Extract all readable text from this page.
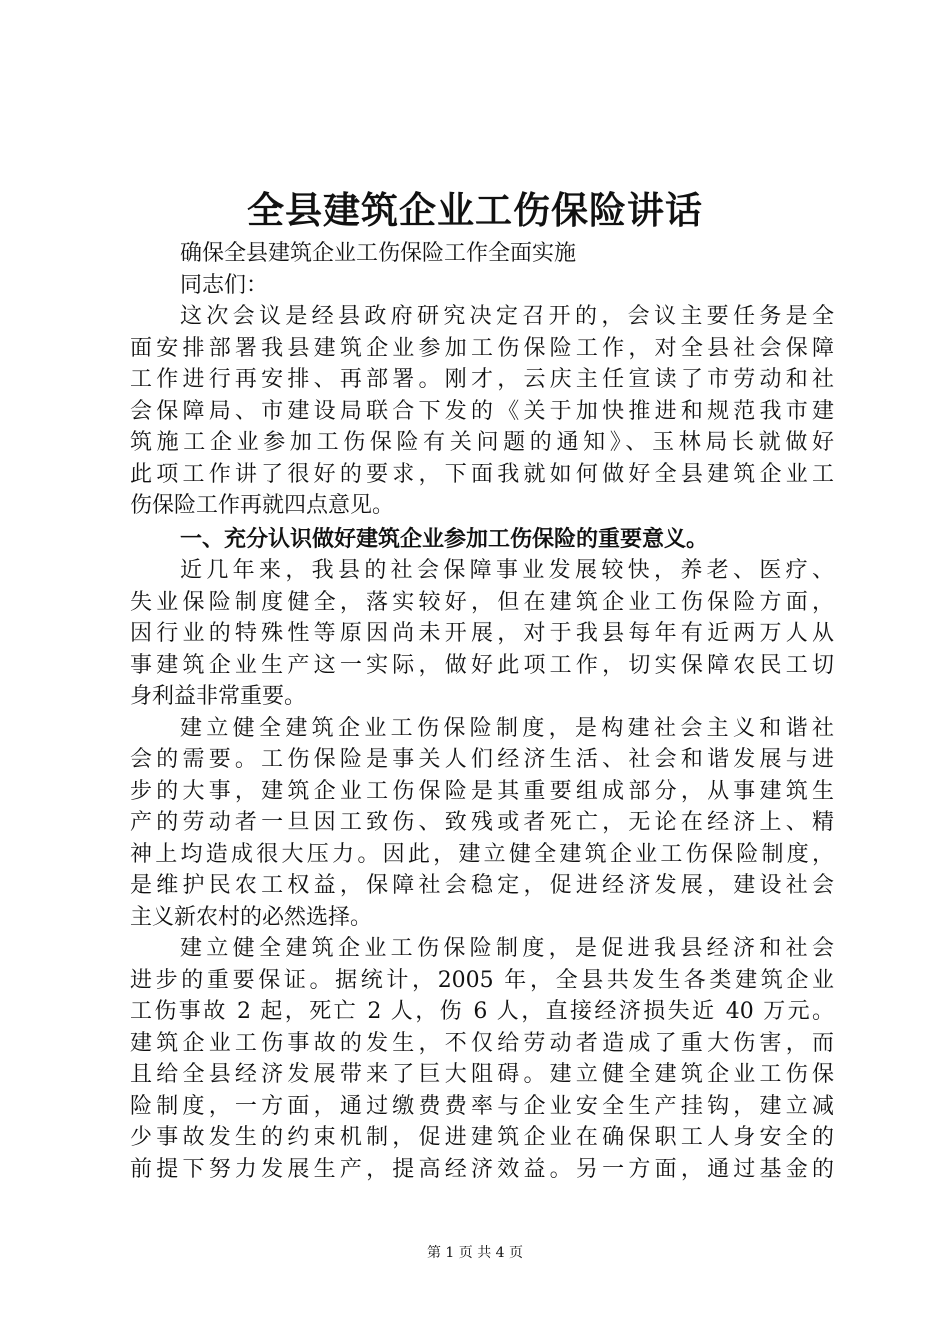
全县建筑企业工伤保险讲话
确保全县建筑企业工伤保险工作全面实施
同志们：
这次会议是经县政府研究决定召开的，会议主要任务是全
面安排部署我县建筑企业参加工伤保险工作，对全县社会保障
工作进行再安排、再部署。刚才，云庆主任宣读了市劳动和社
会保障局、市建设局联合下发的《关于加快推进和规范我市建
筑施工企业参加工伤保险有关问题的通知》、玉林局长就做好
此项工作讲了很好的要求，下面我就如何做好全县建筑企业工
伤保险工作再就四点意见。
一、充分认识做好建筑企业参加工伤保险的重要意义。
近几年来，我县的社会保障事业发展较快，养老、医疗、
失业保险制度健全，落实较好，但在建筑企业工伤保险方面，
因行业的特殊性等原因尚未开展，对于我县每年有近两万人从
事建筑企业生产这一实际，做好此项工作，切实保障农民工切
身利益非常重要。
建立健全建筑企业工伤保险制度，是构建社会主义和谐社
会的需要。工伤保险是事关人们经济生活、社会和谐发展与进
步的大事，建筑企业工伤保险是其重要组成部分，从事建筑生
产的劳动者一旦因工致伤、致残或者死亡，无论在经济上、精
神上均造成很大压力。因此，建立健全建筑企业工伤保险制度，
是维护民农工权益，保障社会稳定，促进经济发展，建设社会
主义新农村的必然选择。
建立健全建筑企业工伤保险制度，是促进我县经济和社会
进步的重要保证。据统计，2005 年，全县共发生各类建筑企业
工伤事故 2 起，死亡 2 人，伤 6 人，直接经济损失近 40 万元。
建筑企业工伤事故的发生，不仅给劳动者造成了重大伤害，而
且给全县经济发展带来了巨大阻碍。建立健全建筑企业工伤保
险制度，一方面，通过缴费费率与企业安全生产挂钩，建立减
少事故发生的约束机制，促进建筑企业在确保职工人身安全的
前提下努力发展生产，提高经济效益。另一方面，通过基金的
第 1 页 共 4 页
